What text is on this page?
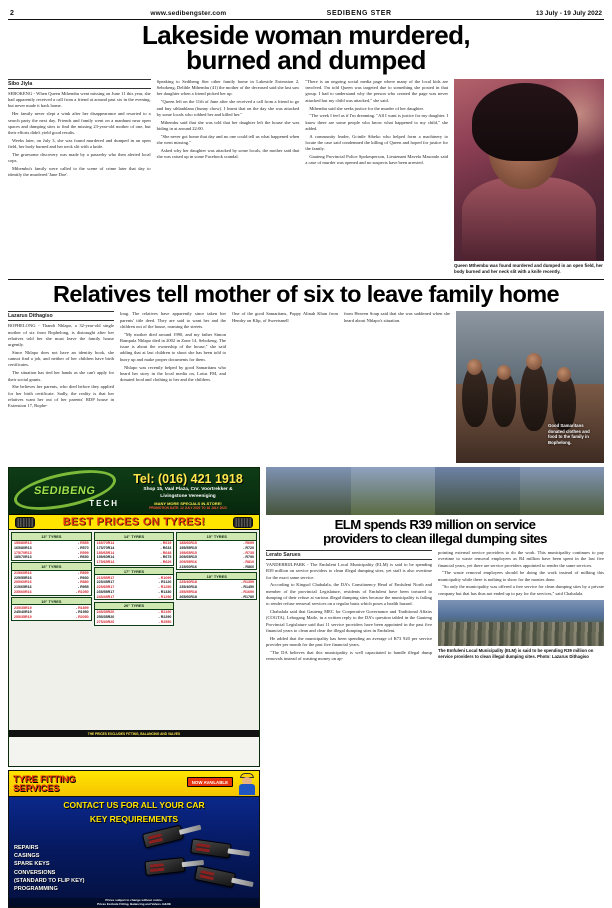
2	www.sedibengster.com	SEDIBENG STER	13 July - 19 July 2022
Lakeside woman murdered,
burned and dumped
Sibo Jiyla

SEBOKENG - When Queen Mthembu went missing on June 11 this year, she had apparently received a call from a friend at around past six in the evening, but never made it back home.

Her family never slept a wink after her disappearance and resorted to a search party the next day. Friends and family went on a manhunt near open spaces and dumping sites to find the missing 23-year-old mother of one, but their efforts didn't yield good results.

Weeks later, on July 3, she was found murdered and dumped in an open field, her body burned and her neck slit with a knife.

The gruesome discovery was made by a passerby who then alerted local cops.

Mthembu's family were called to the scene of crime later that day to identify the murdered 'Jane Doe'.

Speaking to Sedibeng Ster other family home in Lakeside Extension 2, Sebokeng, Delihle Mthembu (41) the mother of the deceased said she last saw her daughter when a friend picked her up.

"Queen left on the 11th of June after she received a call from a friend to go and buy sihlanhlana (bunny chow). I learnt that on the day she was attacked by some locals who robbed her and killed her."

Mthembu said that she was told that her daughter left the house she was hiding in at around 22:00.

"She never got home that day and no one could tell us what happened when she went missing."

Asked why her daughter was attacked by some locals, the mother said that she was raised up in some Facebook scandal.

"There is an ongoing social media page where many of the local kids are involved. I'm told Queen was targeted due to something she posted in that group. I had to understand why the person who created the page was never attacked but my child was attacked," she said.

Mthembu said she seeks justice for the murder of her daughter.

"The week I feel as if I'm dreaming. "All I want is justice for my daughter. I know there are some people who know what happened to my child," she added.

A community leader, Gcinile Sibeko who helped form a machinery to locate the case said condemned the killing of Queen and hoped for justice for the family.

Gauteng Provincial Police Spokesperson, Lieutenant Mavela Masondo said a case of murder was opened and no suspects have been arrested.

Queen Mthembu was found murdered and dumped in an open field, her body burned and her neck slit with a knife recently.
Relatives tell mother of six to leave family home
Lazarus Dithagiso

BOPHELONG - Thandi Nhlapo, a 32-year-old single mother of six from Bophelong, is distraught after her relatives told her she must leave the family house urgently.

Since Nhlapo does not have an identity book, she cannot find a job, and neither of her children have birth certificates.

The situation has tied her hands as she can't apply for their social grants.

She believes her parents, who died before they applied for her birth certificate. Sadly, the reality is that her relatives want her out of her parents' RDP house in Extension 17, Bophe-

long. The relatives have apparently since taken her parents' title deed. They are said to want her and the children out of the house, roaming the streets.

"My mother died around 1990, and my father Simon Rampula Nhlapo died in 2002 in Zone 14, Sebokeng. The issue is about the ownership of the house," she said adding that at last children to shoot she has been told to hurry up and make proper documents for them.

Nhlapo was recently helped by good Samaritans who heard her story in the local media on, Lotus FM, and donated food and clothing to her and the children.

One of the good Samaritans, Poppy Alinah Khan from Hendry on Klip, of Sweetsmell

from Heaven Soup said that she was saddened when she heard about Nhlapo's situation.

Good Samaritans donated clothes and food to the family in Bophelong.
SEDIBENG
TECH
Tel: (016) 421 1918
Shop 15, Vaal Plaza, Cnr. Voortrekker &
Livingstone Vereeniging
MANY MORE SPECIALS IN-STORE!
PROMOTION DATE: 12 JULY 2022 TO 18 JULY 2022
BEST PRICES ON TYRES!
13" TYRES
155/80R13	- R555
165/80R13	- R570
175/70R13	- R599
185/70R13	- R650
16" TYRES
215/60R16	- R899
225/55R16	- R930
205/60R16	- R880
215/65R16	- R955
235/60R16	- R1050
19" TYRES
235/35R19	- R1899
245/40R19	- R1950
255/35R19	- R2050
14" TYRES
165/70R14	- R619
175/70R14	- R633
185/65R14	- R648
195/60R14	- R675
175/65R14	- R629
17" TYRES
215/55R17	- R1099
225/45R17	- R1120
225/65R17	- R1250
235/55R17	- R1330
245/45R17	- R1290
20" TYRES
245/35R20	- R2190
255/35R20	- R2290
275/40R20	- R2550
15" TYRES
185/60R15	- R699
195/55R15	- R720
195/65R15	- R735
205/65R15	- R790
205/55R16	- R810
215/60R16	- R860
18" TYRES
225/40R18	- R1399
235/40R18	- R1450
255/55R18	- R1690
265/60R18	- R1780
THE PRICES EXCLUDES FITTING, BALANCING AND VALVES
TYRE FITTING
SERVICES
NOW AVAILABLE
CONTACT US FOR ALL YOUR CAR
KEY REQUIREMENTS
REPAIRS
CASINGS
SPARE KEYS
CONVERSIONS
(STANDARD TO FLIP KEY)
PROGRAMMING
Prices subject to change without notice.
Prices Exclude Fitting, Balancing and Valves. E&OE
ELM spends R39 million on service
providers to clean illegal dumping sites
Lerato Sarues

VANDERBIJLPARK - The Emfuleni Local Municipality (ELM) is said to be spending R39 million on service providers to clean illegal dumping sites, yet staff is also overtime for the exact same service.

According to Kingsol Chabalala, the DA's Constituency Head of Emfuleni North and member of the provincial Legislature, residents of Emfuleni have been tortured to dumping of their refuse at various illegal dumping sites because the municipality is failing to render refuse removal services on a regular basis which poses a health hazard.

Chabalala said that Gauteng MEC for Cooperative Governance and Traditional Affairs (COGTA), Lebogang Maile, in a written reply to the DA's question tabled in the Gauteng Provincial Legislature said that 11 service providers have been appointed in the past five financial years to clean and clear the illegal dumping sites in Emfuleni.

He added that the municipality has been spending an average of R73 920 per service provider per month for the past five financial years.

"The DA believes that this municipality is well capacitated to handle illegal dump removals instead of wasting money on ap-

pointing external service providers to do the work. This municipality continues to pay overtime to waste removal employees as R4 million have been spent in the last five financial years, yet there are service providers appointed to render the same services.

"The waste removal employees should be doing the work instead of milking this municipality while there is nothing to show for the monies done.

"So only the municipality was offered a free service for clean dumping sites by a private company but that has thus not ended up to pay for the services," said Chabalala.

The Emfuleni Local Municipality (ELM) is said to be spending R39 million on service providers to clean illegal dumping sites. Photo: Lazarus Dithagiso
